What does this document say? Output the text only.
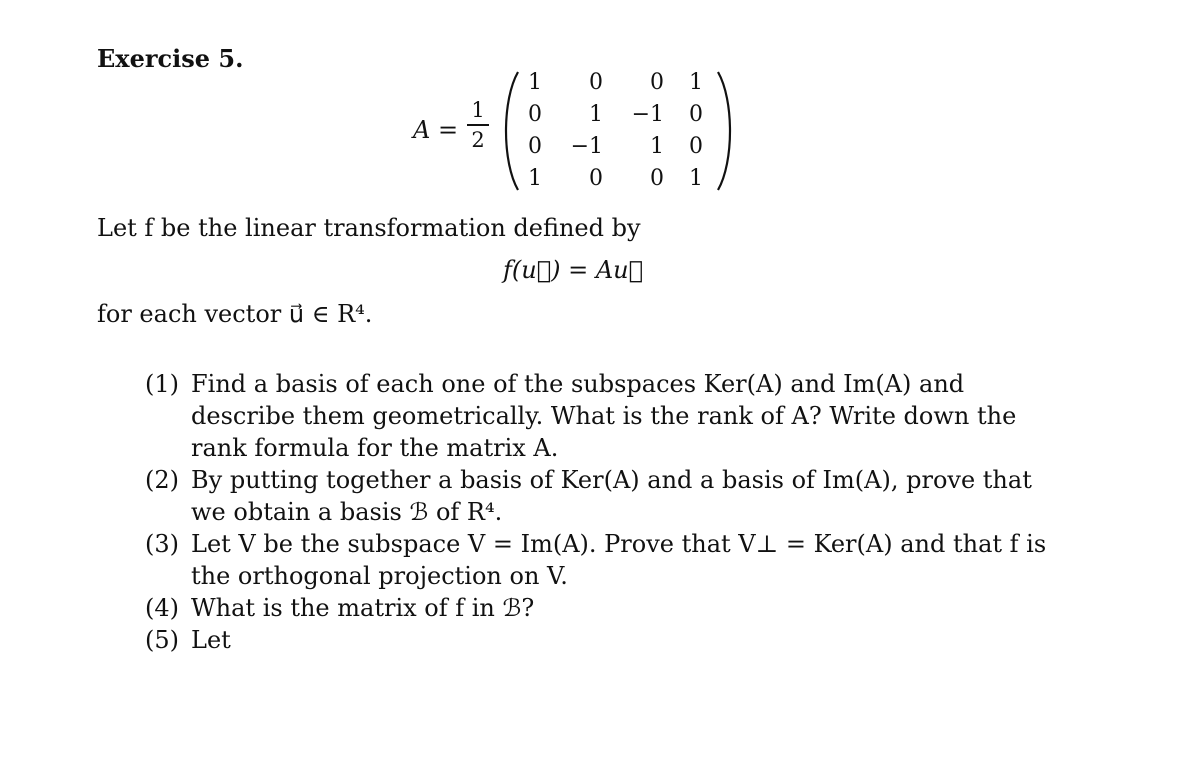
Exercise 5.
A =
1
2
1	0	0	1
0	1	−1	0
0	−1	1	0
1	0	0	1
Let f be the linear transformation defined by
f(u⃗) = Au⃗
for each vector u⃗ ∈ R⁴.
(1) Find a basis of each one of the subspaces Ker(A) and Im(A) and describe them geometrically. What is the rank of A? Write down the rank formula for the matrix A.
(2) By putting together a basis of Ker(A) and a basis of Im(A), prove that we obtain a basis ℬ of R⁴.
(3) Let V be the subspace V = Im(A). Prove that V⊥ = Ker(A) and that f is the orthogonal projection on V.
(4) What is the matrix of f in ℬ?
(5) Let
